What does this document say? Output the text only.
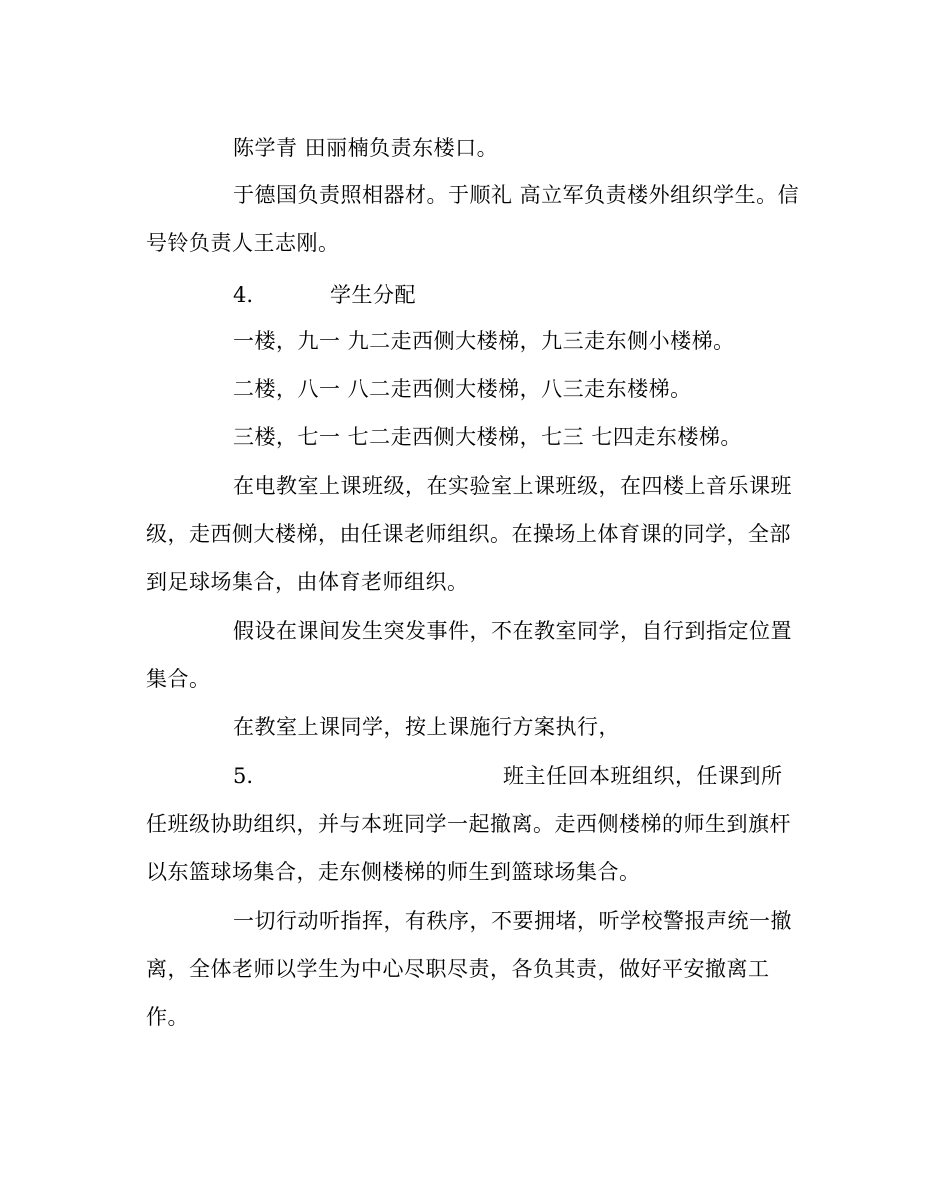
陈学青 田丽楠负责东楼口。
于德国负责照相器材。于顺礼 高立军负责楼外组织学生。信
号铃负责人王志刚。
4.	学生分配
一楼，九一 九二走西侧大楼梯，九三走东侧小楼梯。
二楼，八一 八二走西侧大楼梯，八三走东楼梯。
三楼，七一 七二走西侧大楼梯，七三 七四走东楼梯。
在电教室上课班级，在实验室上课班级，在四楼上音乐课班
级，走西侧大楼梯，由任课老师组织。在操场上体育课的同学，全部
到足球场集合，由体育老师组织。
假设在课间发生突发事件，不在教室同学，自行到指定位置
集合。
在教室上课同学，按上课施行方案执行，
5.	班主任回本班组织，任课到所
任班级协助组织，并与本班同学一起撤离。走西侧楼梯的师生到旗杆
以东篮球场集合，走东侧楼梯的师生到篮球场集合。
一切行动听指挥，有秩序，不要拥堵，听学校警报声统一撤
离，全体老师以学生为中心尽职尽责，各负其责，做好平安撤离工
作。
